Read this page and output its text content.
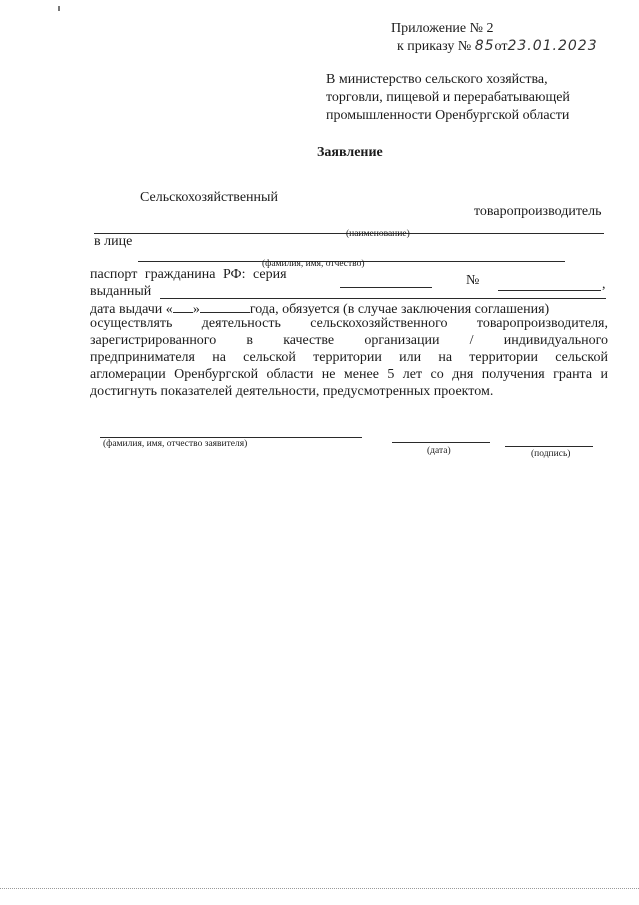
Приложение № 2
к приказу № 85от23.01.2023
В министерство сельского хозяйства,
торговли, пищевой и перерабатывающей
промышленности Оренбургской области
Заявление
Сельскохозяйственный
товаропроизводитель
(наименование)
в лице
(фамилия, имя, отчество)
паспорт гражданина РФ: серия	№	,
выданный
дата выдачи « »	года, обязуется (в случае заключения соглашения)
осуществлять деятельность сельскохозяйственного товаропроизводителя,
зарегистрированного в качестве организации / индивидуального
предпринимателя на сельской территории или на территории сельской
агломерации Оренбургской области не менее 5 лет со дня получения гранта и
достигнуть показателей деятельности, предусмотренных проектом.
(фамилия, имя, отчество заявителя)
(дата)	(подпись)
